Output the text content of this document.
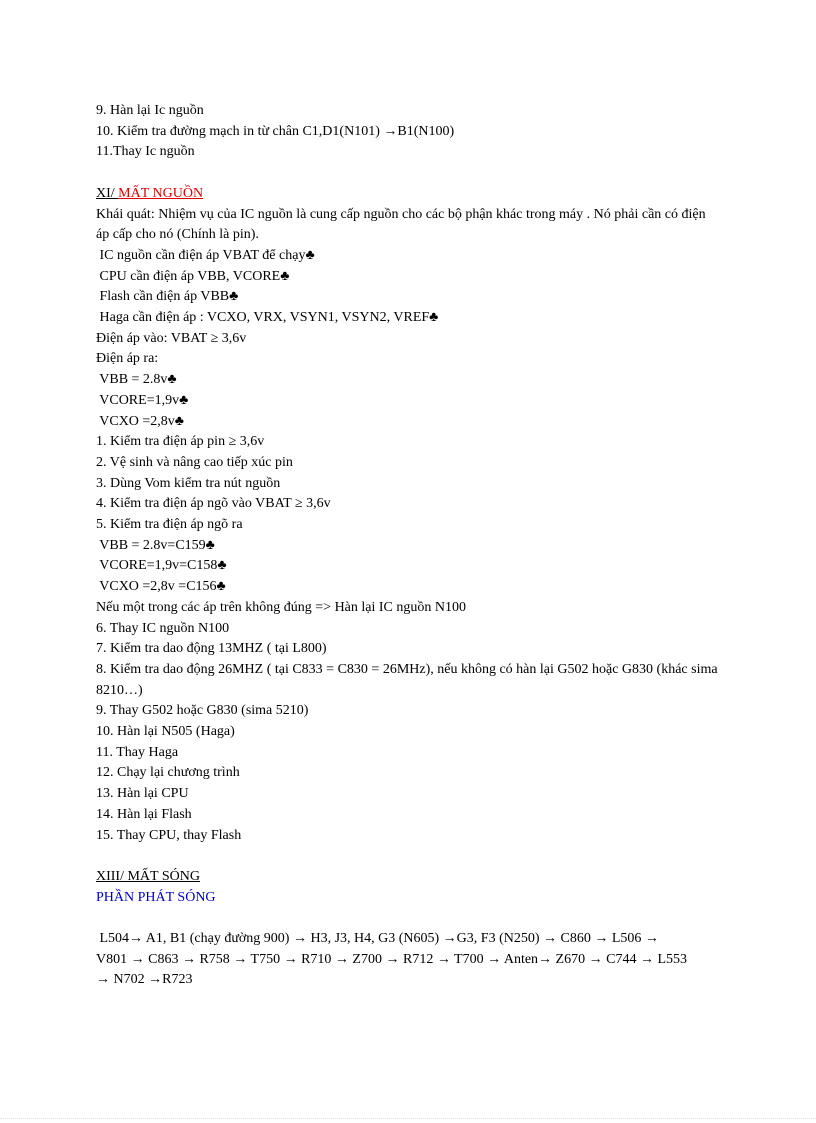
9. Hàn lại Ic nguồn
10. Kiểm tra đường mạch in từ chân C1,D1(N101) →B1(N100)
11.Thay Ic nguồn
XI/ MẤT NGUỒN
Khái quát: Nhiệm vụ của IC nguồn là cung cấp nguồn cho các bộ phận khác trong máy . Nó phải cần có điện áp cấp cho nó (Chính là pin).
IC nguồn cần điện áp VBAT để chạy♣
CPU cần điện áp VBB, VCORE♣
Flash cần điện áp VBB♣
Haga cần điện áp : VCXO, VRX, VSYN1, VSYN2, VREF♣
Điện áp vào: VBAT ≥ 3,6v
Điện áp ra:
VBB = 2.8v♣
VCORE=1,9v♣
VCXO =2,8v♣
1. Kiểm tra điện áp pin ≥ 3,6v
2. Vệ sinh và nâng cao tiếp xúc pin
3. Dùng Vom kiểm tra nút nguồn
4. Kiểm tra điện áp ngõ vào VBAT ≥ 3,6v
5. Kiểm tra điện áp ngõ ra
VBB = 2.8v=C159♣
VCORE=1,9v=C158♣
VCXO =2,8v =C156♣
Nếu một trong các áp trên không đúng => Hàn lại IC nguồn N100
6. Thay IC nguồn N100
7. Kiểm tra dao động 13MHZ ( tại L800)
8. Kiểm tra dao động 26MHZ ( tại C833 = C830 = 26MHz), nếu không có hàn lại G502 hoặc G830 (khác sima 8210…)
9. Thay G502 hoặc G830 (sima 5210)
10. Hàn lại N505 (Haga)
11. Thay Haga
12. Chạy lại chương trình
13. Hàn lại CPU
14. Hàn lại Flash
15. Thay CPU, thay Flash
XIII/ MẤT SÓNG
PHẦN PHÁT SÓNG
L504→ A1, B1 (chạy đường 900) → H3, J3, H4, G3 (N605) →G3, F3 (N250) → C860 → L506 →
V801 → C863 → R758 → T750 → R710 → Z700 → R712 → T700 → Anten→ Z670 → C744 → L553
→ N702 →R723
